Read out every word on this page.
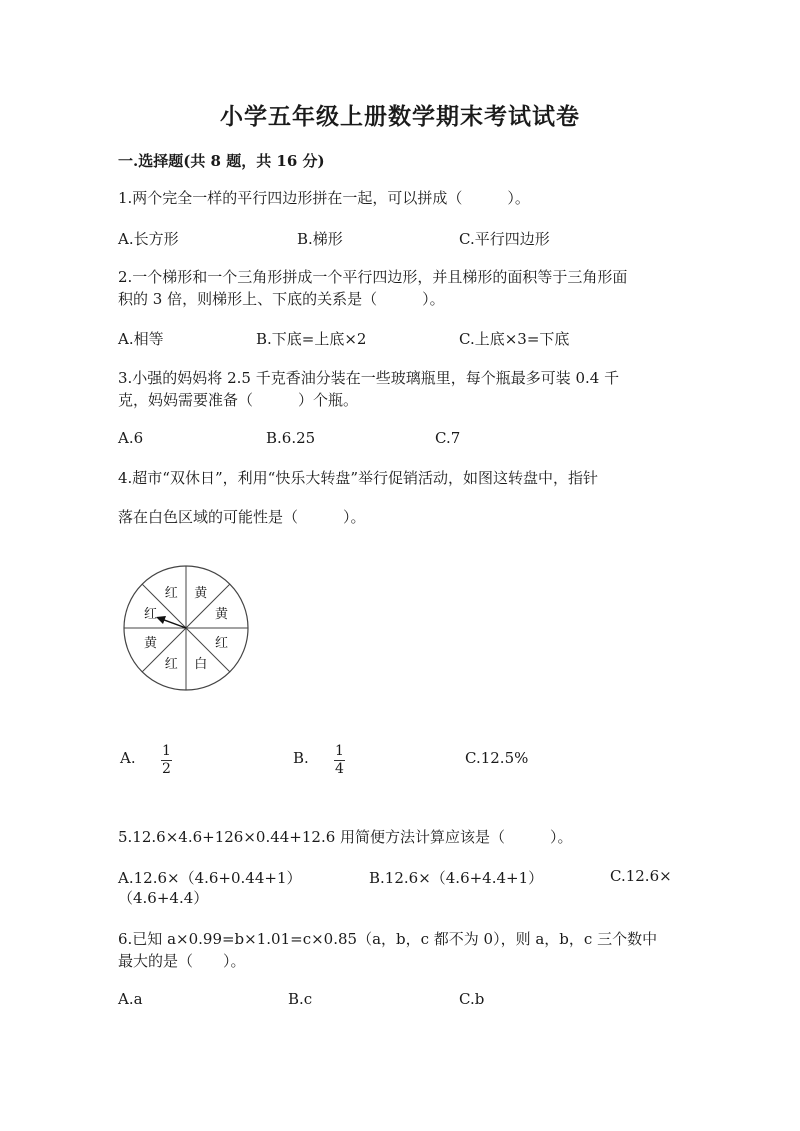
小学五年级上册数学期末考试试卷
一.选择题(共 8 题，共 16 分)
1.两个完全一样的平行四边形拼在一起，可以拼成（　　　）。
A.长方形	B.梯形	C.平行四边形
2.一个梯形和一个三角形拼成一个平行四边形，并且梯形的面积等于三角形面
积的 3 倍，则梯形上、下底的关系是（　　　）。
A.相等	B.下底=上底×2	C.上底×3=下底
3.小强的妈妈将 2.5 千克香油分装在一些玻璃瓶里，每个瓶最多可装 0.4 千
克，妈妈需要准备（　　　）个瓶。
A.6	B.6.25	C.7
4.超市“双休日”，利用“快乐大转盘”举行促销活动，如图这转盘中，指针
落在白色区域的可能性是（　　　）。
黄
黄
红
白
红
黄
红
红
A. 1
2
B. 1
4
C.12.5%
5.12.6×4.6+126×0.44+12.6 用简便方法计算应该是（　　　）。
A.12.6×（4.6+0.44+1）	B.12.6×（4.6+4.4+1）	C.12.6×
（4.6+4.4）
6.已知 a×0.99=b×1.01=c×0.85（a，b，c 都不为 0），则 a，b，c 三个数中
最大的是（　　）。
A.a	B.c	C.b
